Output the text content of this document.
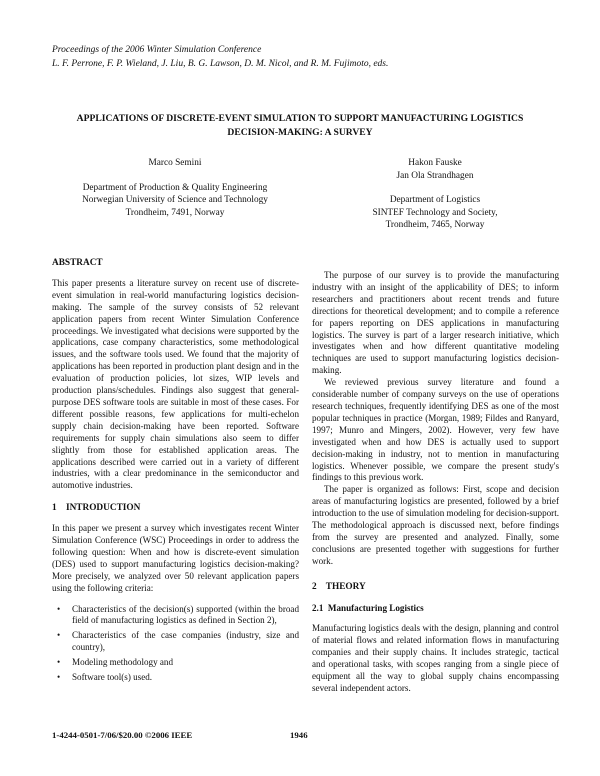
Proceedings of the 2006 Winter Simulation Conference
L. F. Perrone, F. P. Wieland, J. Liu, B. G. Lawson, D. M. Nicol, and R. M. Fujimoto, eds.
APPLICATIONS OF DISCRETE-EVENT SIMULATION TO SUPPORT MANUFACTURING LOGISTICS
DECISION-MAKING: A SURVEY
Marco Semini
Department of Production & Quality Engineering
Norwegian University of Science and Technology
Trondheim, 7491, Norway
Hakon Fauske
Jan Ola Strandhagen
Department of Logistics
SINTEF Technology and Society,
Trondheim, 7465, Norway
ABSTRACT

This paper presents a literature survey on recent use of discrete-event simulation in real-world manufacturing logistics decision-making. The sample of the survey consists of 52 relevant application papers from recent Winter Simulation Conference proceedings. We investigated what decisions were supported by the applications, case company characteristics, some methodological issues, and the software tools used. We found that the majority of applications has been reported in production plant design and in the evaluation of production policies, lot sizes, WIP levels and production plans/schedules. Findings also suggest that general-purpose DES software tools are suitable in most of these cases. For different possible reasons, few applications for multi-echelon supply chain decision-making have been reported. Software requirements for supply chain simulations also seem to differ slightly from those for established application areas. The applications described were carried out in a variety of different industries, with a clear predominance in the semiconductor and automotive industries.

1    INTRODUCTION

In this paper we present a survey which investigates recent Winter Simulation Conference (WSC) Proceedings in order to address the following question: When and how is discrete-event simulation (DES) used to support manufacturing logistics decision-making? More precisely, we analyzed over 50 relevant application papers using the following criteria:

• Characteristics of the decision(s) supported (within the broad field of manufacturing logistics as defined in Section 2),
• Characteristics of the case companies (industry, size and country),
• Modeling methodology and
• Software tool(s) used.

The purpose of our survey is to provide the manufacturing industry with an insight of the applicability of DES; to inform researchers and practitioners about recent trends and future directions for theoretical development; and to compile a reference for papers reporting on DES applications in manufacturing logistics. The survey is part of a larger research initiative, which investigates when and how different quantitative modeling techniques are used to support manufacturing logistics decision-making.

We reviewed previous survey literature and found a considerable number of company surveys on the use of operations research techniques, frequently identifying DES as one of the most popular techniques in practice (Morgan, 1989; Fildes and Ranyard, 1997; Munro and Mingers, 2002). However, very few have investigated when and how DES is actually used to support decision-making in industry, not to mention in manufacturing logistics. Whenever possible, we compare the present study's findings to this previous work.

The paper is organized as follows: First, scope and decision areas of manufacturing logistics are presented, followed by a brief introduction to the use of simulation modeling for decision-support. The methodological approach is discussed next, before findings from the survey are presented and analyzed. Finally, some conclusions are presented together with suggestions for further work.

2    THEORY
2.1  Manufacturing Logistics

Manufacturing logistics deals with the design, planning and control of material flows and related information flows in manufacturing companies and their supply chains. It includes strategic, tactical and operational tasks, with scopes ranging from a single piece of equipment all the way to global supply chains encompassing several independent actors.

1-4244-0501-7/06/$20.00 ©2006 IEEE	1946
